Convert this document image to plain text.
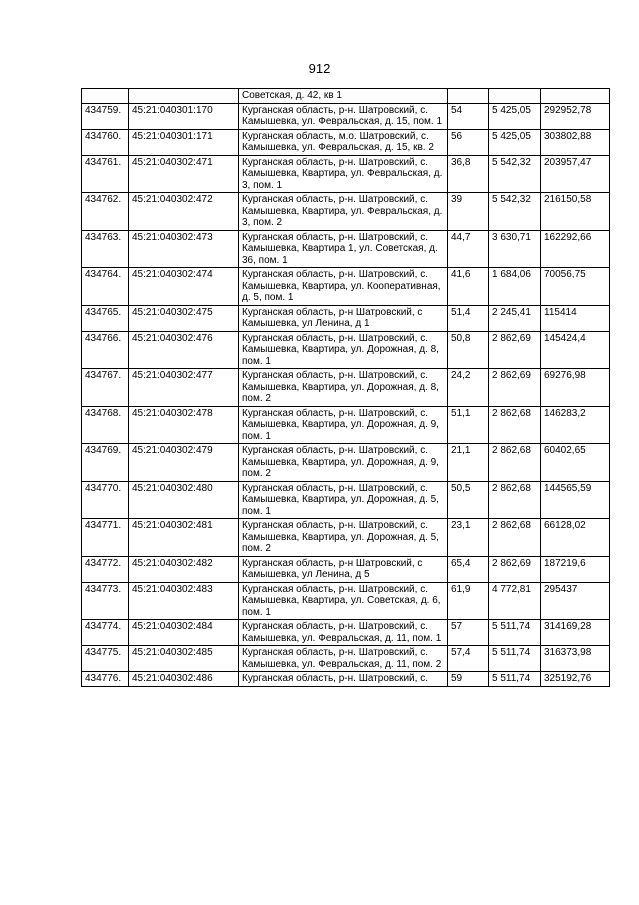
912
		Советская, д. 42, кв 1			
434759.	45:21:040301:170	Курганская область, р-н. Шатровский, с. Камышевка, ул. Февральская, д. 15, пом. 1	54	5 425,05	292952,78
434760.	45:21:040301:171	Курганская область, м.о. Шатровский, с. Камышевка, ул. Февральская, д. 15, кв. 2	56	5 425,05	303802,88
434761.	45:21:040302:471	Курганская область, р-н. Шатровский, с. Камышевка, Квартира, ул. Февральская, д. 3, пом. 1	36,8	5 542,32	203957,47
434762.	45:21:040302:472	Курганская область, р-н. Шатровский, с. Камышевка, Квартира, ул. Февральская, д. 3, пом. 2	39	5 542,32	216150,58
434763.	45:21:040302:473	Курганская область, р-н. Шатровский, с. Камышевка, Квартира 1, ул. Советская, д. 36, пом. 1	44,7	3 630,71	162292,66
434764.	45:21:040302:474	Курганская область, р-н. Шатровский, с. Камышевка, Квартира, ул. Кооперативная, д. 5, пом. 1	41,6	1 684,06	70056,75
434765.	45:21:040302:475	Курганская область, р-н Шатровский, с Камышевка, ул Ленина, д 1	51,4	2 245,41	115414
434766.	45:21:040302:476	Курганская область, р-н. Шатровский, с. Камышевка, Квартира, ул. Дорожная, д. 8, пом. 1	50,8	2 862,69	145424,4
434767.	45:21:040302:477	Курганская область, р-н. Шатровский, с. Камышевка, Квартира, ул. Дорожная, д. 8, пом. 2	24,2	2 862,69	69276,98
434768.	45:21:040302:478	Курганская область, р-н. Шатровский, с. Камышевка, Квартира, ул. Дорожная, д. 9, пом. 1	51,1	2 862,68	146283,2
434769.	45:21:040302:479	Курганская область, р-н. Шатровский, с. Камышевка, Квартира, ул. Дорожная, д. 9, пом. 2	21,1	2 862,68	60402,65
434770.	45:21:040302:480	Курганская область, р-н. Шатровский, с. Камышевка, Квартира, ул. Дорожная, д. 5, пом. 1	50,5	2 862,68	144565,59
434771.	45:21:040302:481	Курганская область, р-н. Шатровский, с. Камышевка, Квартира, ул. Дорожная, д. 5, пом. 2	23,1	2 862,68	66128,02
434772.	45:21:040302:482	Курганская область, р-н Шатровский, с Камышевка, ул Ленина, д 5	65,4	2 862,69	187219,6
434773.	45:21:040302:483	Курганская область, р-н. Шатровский, с. Камышевка, Квартира, ул. Советская, д. 6, пом. 1	61,9	4 772,81	295437
434774.	45:21:040302:484	Курганская область, р-н. Шатровский, с. Камышевка, ул. Февральская, д. 11, пом. 1	57	5 511,74	314169,28
434775.	45:21:040302:485	Курганская область, р-н. Шатровский, с. Камышевка, ул. Февральская, д. 11, пом. 2	57,4	5 511,74	316373,98
434776.	45:21:040302:486	Курганская область, р-н. Шатровский, с.	59	5 511,74	325192,76
